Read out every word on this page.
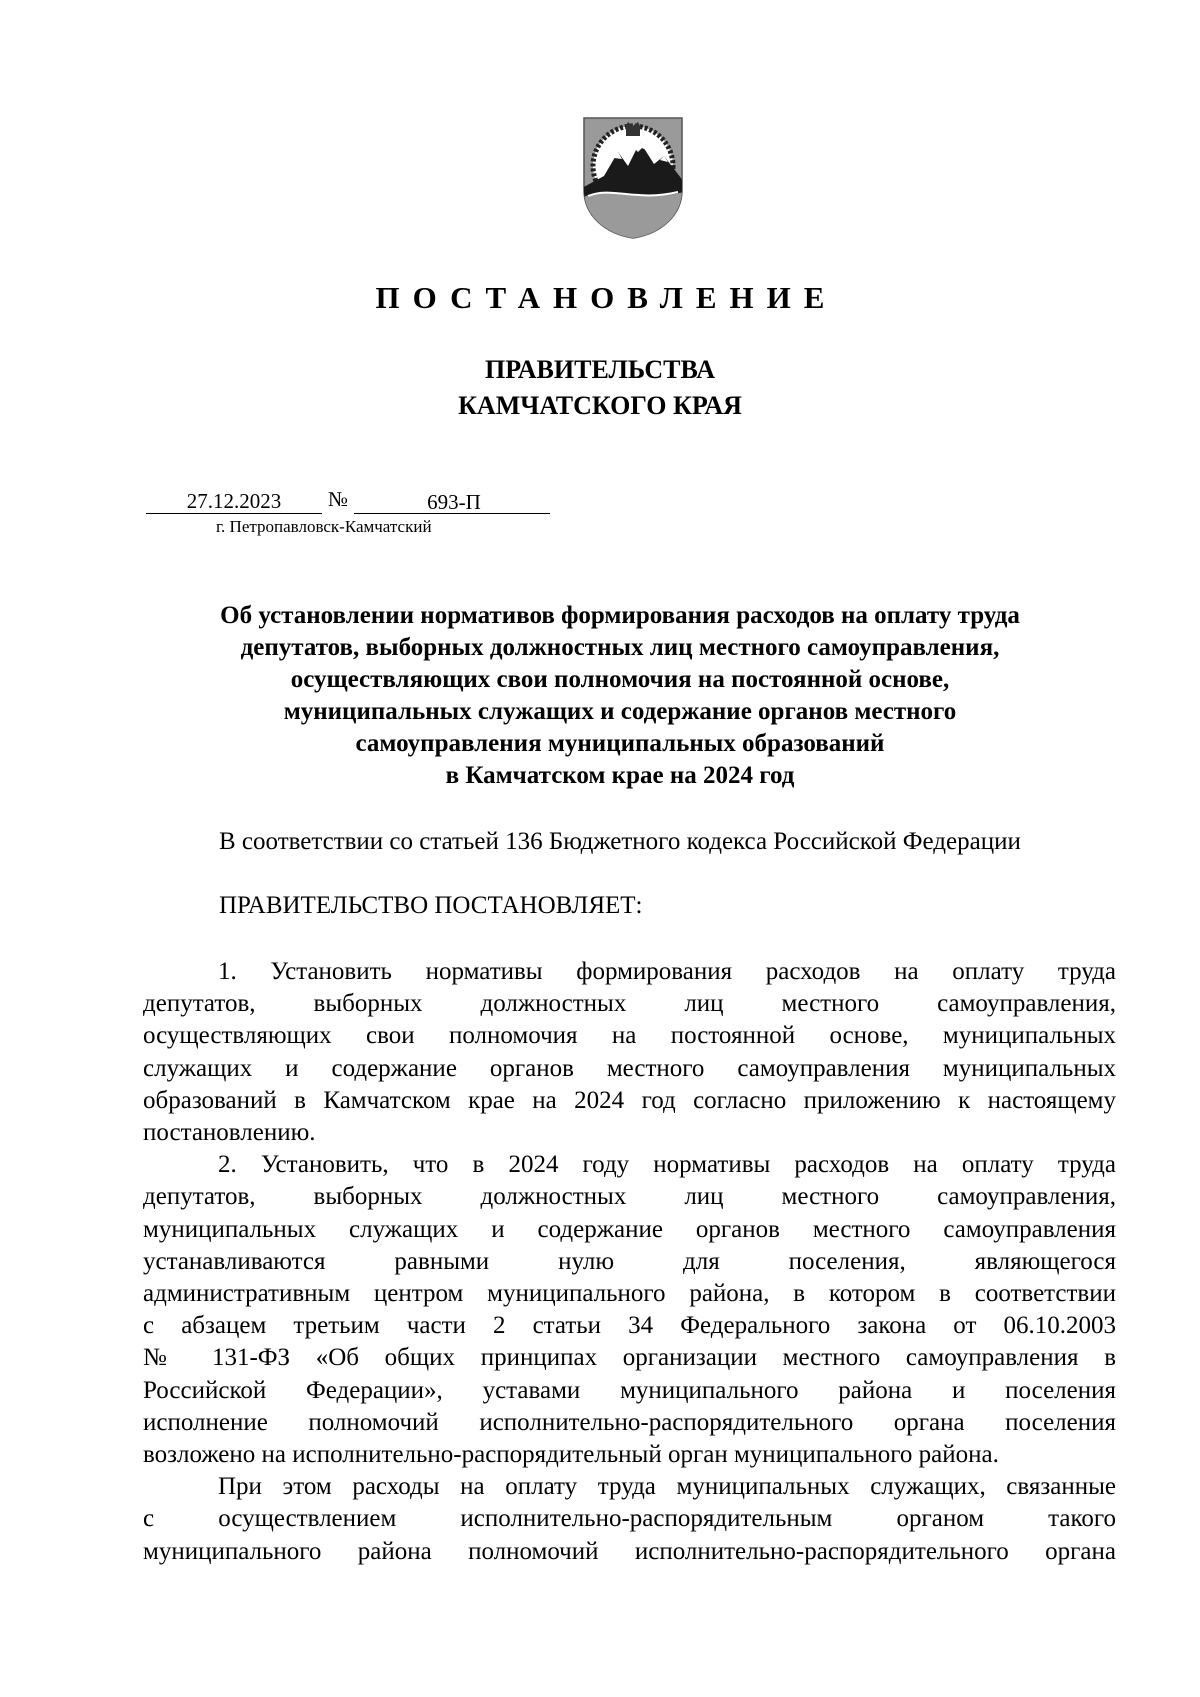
ПОСТАНОВЛЕНИЕ
ПРАВИТЕЛЬСТВА
КАМЧАТСКОГО КРАЯ
27.12.2023	№	693-П
г. Петропавловск-Камчатский
Об установлении нормативов формирования расходов на оплату труда
депутатов, выборных должностных лиц местного самоуправления,
осуществляющих свои полномочия на постоянной основе,
муниципальных служащих и содержание органов местного
самоуправления муниципальных образований
в Камчатском крае на 2024 год
В соответствии со статьей 136 Бюджетного кодекса Российской Федерации
ПРАВИТЕЛЬСТВО ПОСТАНОВЛЯЕТ:
1. Установить нормативы формирования расходов на оплату труда
депутатов, выборных должностных лиц местного самоуправления,
осуществляющих свои полномочия на постоянной основе, муниципальных
служащих и содержание органов местного самоуправления муниципальных
образований в Камчатском крае на 2024 год согласно приложению к настоящему
постановлению.
2. Установить, что в 2024 году нормативы расходов на оплату труда
депутатов, выборных должностных лиц местного самоуправления,
муниципальных служащих и содержание органов местного самоуправления
устанавливаются равными нулю для поселения, являющегося
административным центром муниципального района, в котором в соответствии
с абзацем третьим части 2 статьи 34 Федерального закона от 06.10.2003
№ 131-ФЗ «Об общих принципах организации местного самоуправления в
Российской Федерации», уставами муниципального района и поселения
исполнение полномочий исполнительно-распорядительного органа поселения
возложено на исполнительно-распорядительный орган муниципального района.
При этом расходы на оплату труда муниципальных служащих, связанные
с осуществлением исполнительно-распорядительным органом такого
муниципального района полномочий исполнительно-распорядительного органа
